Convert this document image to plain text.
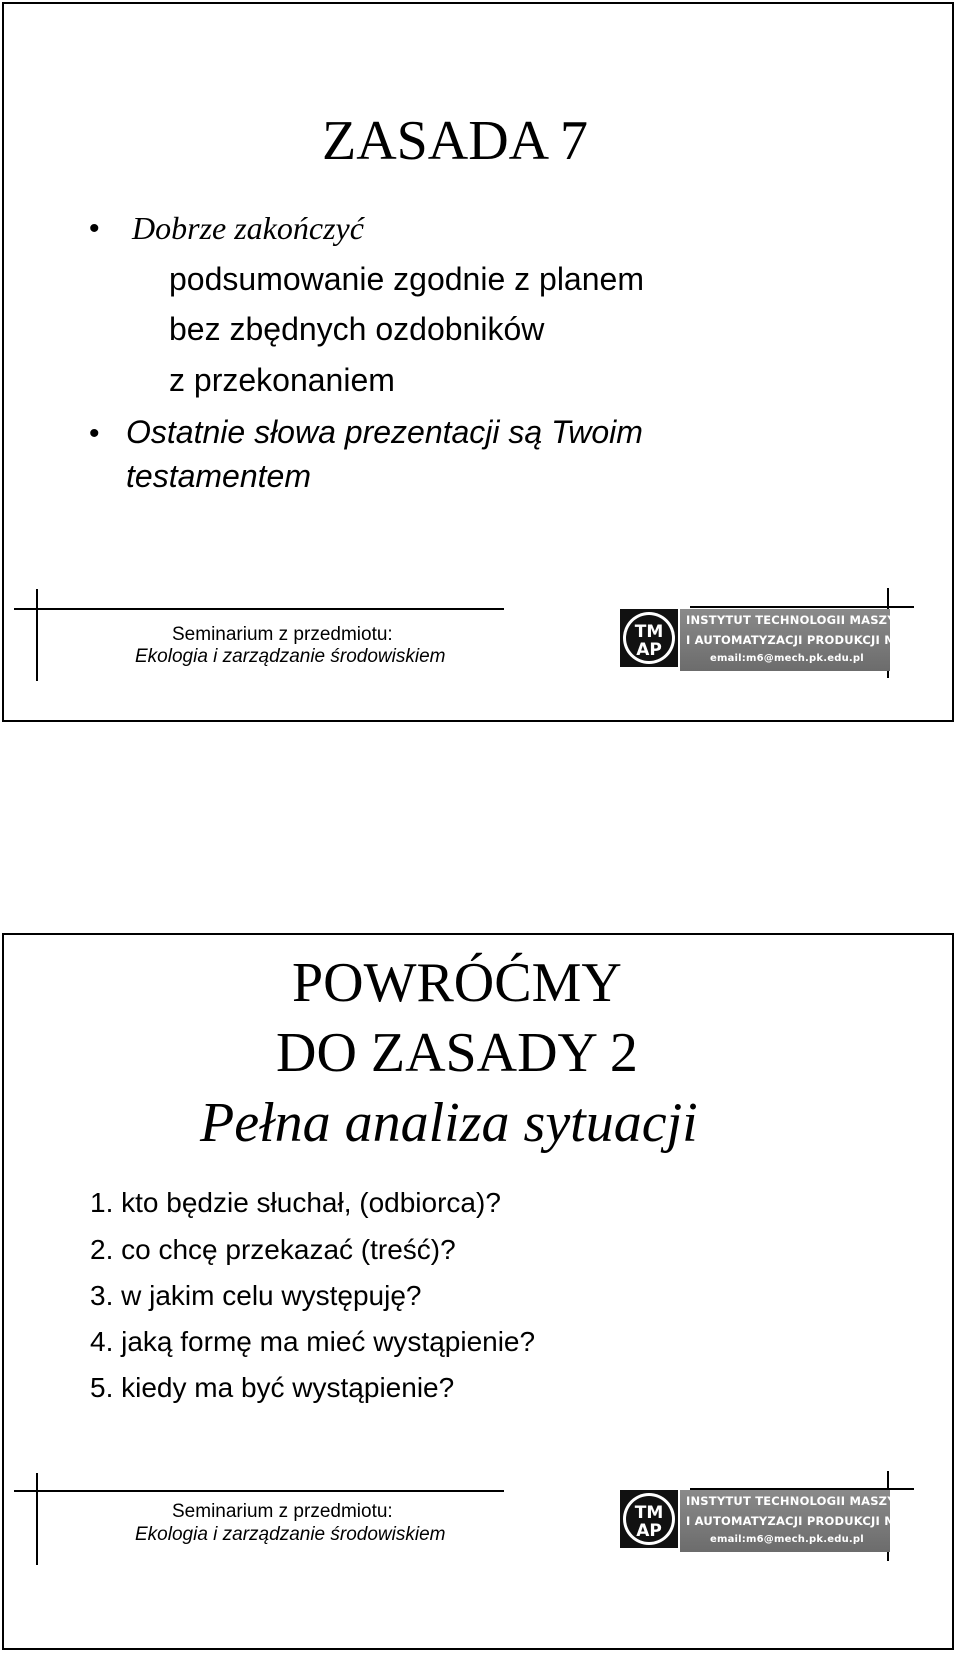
ZASADA 7
• Dobrze zakończyć
podsumowanie zgodnie z planem
bez zbędnych ozdobników
z przekonaniem
• Ostatnie słowa prezentacji są Twoim
testamentem
Seminarium z przedmiotu:
Ekologia i zarządzanie środowiskiem
TM
AP
INSTYTUT TECHNOLOGII MASZYN
I AUTOMATYZACJI PRODUKCJI M6
email:m6@mech.pk.edu.pl
POWRÓĆMY
DO ZASADY 2
Pełna analiza sytuacji
1. kto będzie słuchał, (odbiorca)?
2. co chcę przekazać (treść)?
3. w jakim celu występuję?
4. jaką formę ma mieć wystąpienie?
5. kiedy ma być wystąpienie?
Seminarium z przedmiotu:
Ekologia i zarządzanie środowiskiem
TM
AP
INSTYTUT TECHNOLOGII MASZYN
I AUTOMATYZACJI PRODUKCJI M6
email:m6@mech.pk.edu.pl
